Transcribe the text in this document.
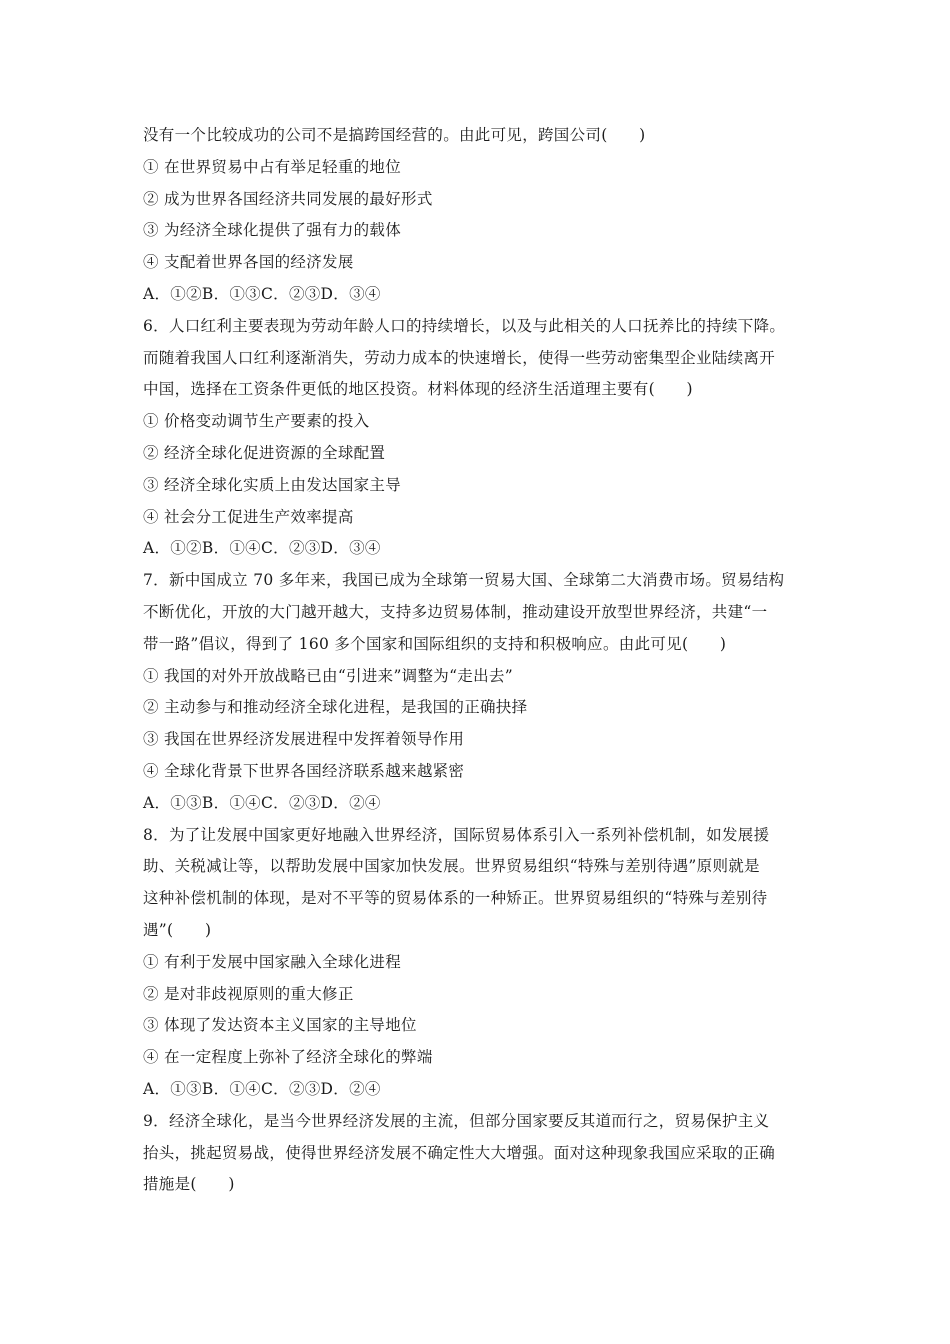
没有一个比较成功的公司不是搞跨国经营的。由此可见，跨国公司(　　)
① 在世界贸易中占有举足轻重的地位
② 成为世界各国经济共同发展的最好形式
③ 为经济全球化提供了强有力的载体
④ 支配着世界各国的经济发展
A．①②B．①③C．②③D．③④
6．人口红利主要表现为劳动年龄人口的持续增长，以及与此相关的人口抚养比的持续下降。
而随着我国人口红利逐渐消失，劳动力成本的快速增长，使得一些劳动密集型企业陆续离开
中国，选择在工资条件更低的地区投资。材料体现的经济生活道理主要有(　　)
① 价格变动调节生产要素的投入
② 经济全球化促进资源的全球配置
③ 经济全球化实质上由发达国家主导
④ 社会分工促进生产效率提高
A．①②B．①④C．②③D．③④
7．新中国成立 70 多年来，我国已成为全球第一贸易大国、全球第二大消费市场。贸易结构
不断优化，开放的大门越开越大，支持多边贸易体制，推动建设开放型世界经济，共建“一
带一路”倡议，得到了 160 多个国家和国际组织的支持和积极响应。由此可见(　　)
① 我国的对外开放战略已由“引进来”调整为“走出去”
② 主动参与和推动经济全球化进程，是我国的正确抉择
③ 我国在世界经济发展进程中发挥着领导作用
④ 全球化背景下世界各国经济联系越来越紧密
A．①③B．①④C．②③D．②④
8．为了让发展中国家更好地融入世界经济，国际贸易体系引入一系列补偿机制，如发展援
助、关税减让等，以帮助发展中国家加快发展。世界贸易组织“特殊与差别待遇”原则就是
这种补偿机制的体现，是对不平等的贸易体系的一种矫正。世界贸易组织的“特殊与差别待
遇”(　　)
① 有利于发展中国家融入全球化进程
② 是对非歧视原则的重大修正
③ 体现了发达资本主义国家的主导地位
④ 在一定程度上弥补了经济全球化的弊端
A．①③B．①④C．②③D．②④
9．经济全球化，是当今世界经济发展的主流，但部分国家要反其道而行之，贸易保护主义
抬头，挑起贸易战，使得世界经济发展不确定性大大增强。面对这种现象我国应采取的正确
措施是(　　)
